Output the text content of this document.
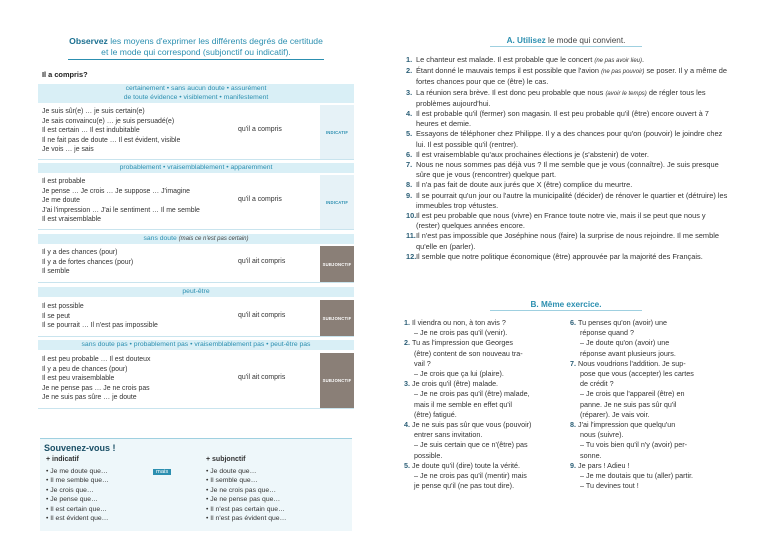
Observez les moyens d'exprimer les différents degrés de certitude
et le mode qui correspond (subjonctif ou indicatif).
Il a compris?
certainement • sans aucun doute • assurément
de toute évidence • visiblement • manifestement
Je suis sûr(e) … je suis certain(e)
Je sais convaincu(e) … je suis persuadé(e)
Il est certain … Il est indubitable
Il ne fait pas de doute … Il est évident, visible
Je vois … je sais
qu'il a compris	INDICATIF
probablement • vraisemblablement • apparemment
Il est probable
Je pense … Je crois … Je suppose … J'imagine
Je me doute
J'ai l'impression … J'ai le sentiment … Il me semble
Il est vraisemblable
qu'il a compris	INDICATIF
sans doute (mais ce n'est pas certain)
Il y a des chances (pour)
Il y a de fortes chances (pour)
Il semble
qu'il ait compris	SUBJONCTIF
peut-être
Il est possible
Il se peut
Il se pourrait … Il n'est pas impossible
qu'il ait compris	SUBJONCTIF
sans doute pas • probablement pas • vraisemblablement pas • peut-être pas
Il est peu probable … Il est douteux
Il y a peu de chances (pour)
Il est peu vraisemblable
Je ne pense pas … Je ne crois pas
Je ne suis pas sûre … je doute
qu'il ait compris	SUBJONCTIF
Souvenez-vous !
+ indicatif	+ subjonctif
• Je me doute que…
• Il me semble que…
• Je crois que…
• Je pense que…
• Il est certain que…
• Il est évident que…
mais	• Je doute que…
• Il semble que…
• Je ne crois pas que…
• Je ne pense pas que…
• Il n'est pas certain que…
• Il n'est pas évident que…
A. Utilisez le mode qui convient.
1. Le chanteur est malade. Il est probable que le concert (ne pas avoir lieu).
2. Étant donné le mauvais temps il est possible que l'avion (ne pas pouvoir) se poser. Il y a même de fortes chances pour que ce (être) le cas.
3. La réunion sera brève. Il est donc peu probable que nous (avoir le temps) de régler tous les problèmes aujourd'hui.
4. Il est probable qu'il (fermer) son magasin. Il est peu probable qu'il (être) encore ouvert à 7 heures et demie.
5. Essayons de téléphoner chez Philippe. Il y a des chances pour qu'on (pouvoir) le joindre chez lui. Il est possible qu'il (rentrer).
6. Il est vraisemblable qu'aux prochaines élections je (s'abstenir) de voter.
7. Nous ne nous sommes pas déjà vus ? Il me semble que je vous (connaître). Je suis presque sûre que je vous (rencontrer) quelque part.
8. Il n'a pas fait de doute aux jurés que X (être) complice du meurtre.
9. Il se pourrait qu'un jour ou l'autre la municipalité (décider) de rénover le quartier et (détruire) les immeubles trop vétustes.
10. Il est peu probable que nous (vivre) en France toute notre vie, mais il se peut que nous y (rester) quelques années encore.
11. Il n'est pas impossible que Joséphine nous (faire) la surprise de nous rejoindre. Il me semble qu'elle en (parler).
12. Il semble que notre politique économique (être) approuvée par la majorité des Français.
B. Même exercice.
1. Il viendra ou non, à ton avis ?
– Je ne crois pas qu'il (venir).
2. Tu as l'impression que Georges
(être) content de son nouveau tra-
vail ?
– Je crois que ça lui (plaire).
3. Je crois qu'il (être) malade.
– Je ne crois pas qu'il (être) malade,
mais il me semble en effet qu'il
(être) fatigué.
4. Je ne suis pas sûr que vous (pouvoir)
entrer sans invitation.
– Je suis certain que ce n'(être) pas
possible.
5. Je doute qu'il (dire) toute la vérité.
– Je ne crois pas qu'il (mentir) mais
je pense qu'il (ne pas tout dire).
6. Tu penses qu'on (avoir) une
réponse quand ?
– Je doute qu'on (avoir) une
réponse avant plusieurs jours.
7. Nous voudrions l'addition. Je sup-
pose que vous (accepter) les cartes
de crédit ?
– Je crois que l'appareil (être) en
panne. Je ne suis pas sûr qu'il
(réparer). Je vais voir.
8. J'ai l'impression que quelqu'un
nous (suivre).
– Tu vois bien qu'il n'y (avoir) per-
sonne.
9. Je pars ! Adieu !
– Je me doutais que tu (aller) partir.
– Tu devines tout !
